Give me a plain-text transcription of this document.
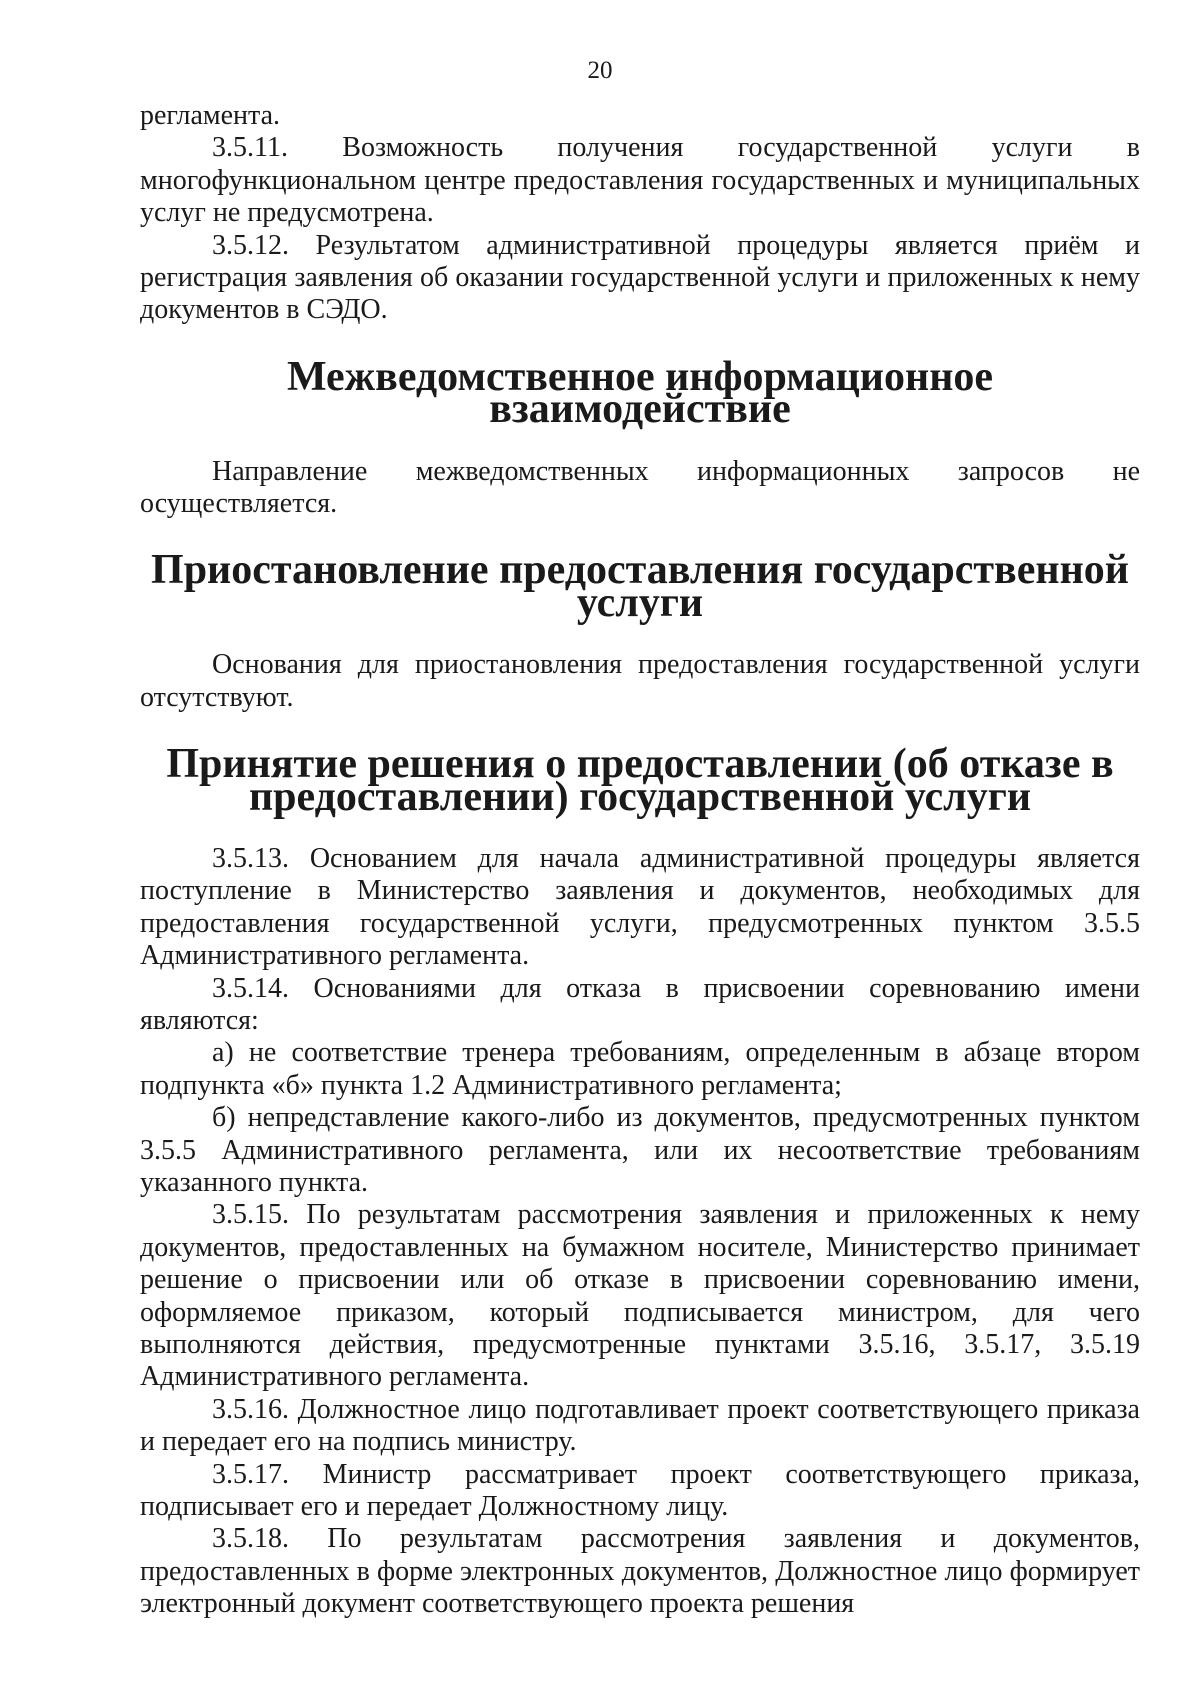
20

регламента.

3.5.11. Возможность получения государственной услуги в многофункциональном центре предоставления государственных и муниципальных услуг не предусмотрена.

3.5.12. Результатом административной процедуры является приём и регистрация заявления об оказании государственной услуги и приложенных к нему документов в СЭДО.

Межведомственное информационное взаимодействие

Направление межведомственных информационных запросов не осуществляется.

Приостановление предоставления государственной услуги

Основания для приостановления предоставления государственной услуги отсутствуют.

Принятие решения о предоставлении (об отказе в предоставлении) государственной услуги

3.5.13. Основанием для начала административной процедуры является поступление в Министерство заявления и документов, необходимых для предоставления государственной услуги, предусмотренных пунктом 3.5.5 Административного регламента.

3.5.14. Основаниями для отказа в присвоении соревнованию имени являются:

а) не соответствие тренера требованиям, определенным в абзаце втором подпункта «б» пункта 1.2 Административного регламента;

б) непредставление какого-либо из документов, предусмотренных пунктом 3.5.5 Административного регламента, или их несоответствие требованиям указанного пункта.

3.5.15. По результатам рассмотрения заявления и приложенных к нему документов, предоставленных на бумажном носителе, Министерство принимает решение о присвоении или об отказе в присвоении соревнованию имени, оформляемое приказом, который подписывается министром, для чего выполняются действия, предусмотренные пунктами 3.5.16, 3.5.17, 3.5.19 Административного регламента.

3.5.16. Должностное лицо подготавливает проект соответствующего приказа и передает его на подпись министру.

3.5.17. Министр рассматривает проект соответствующего приказа, подписывает его и передает Должностному лицу.

3.5.18. По результатам рассмотрения заявления и документов, предоставленных в форме электронных документов, Должностное лицо формирует электронный документ соответствующего проекта решения
